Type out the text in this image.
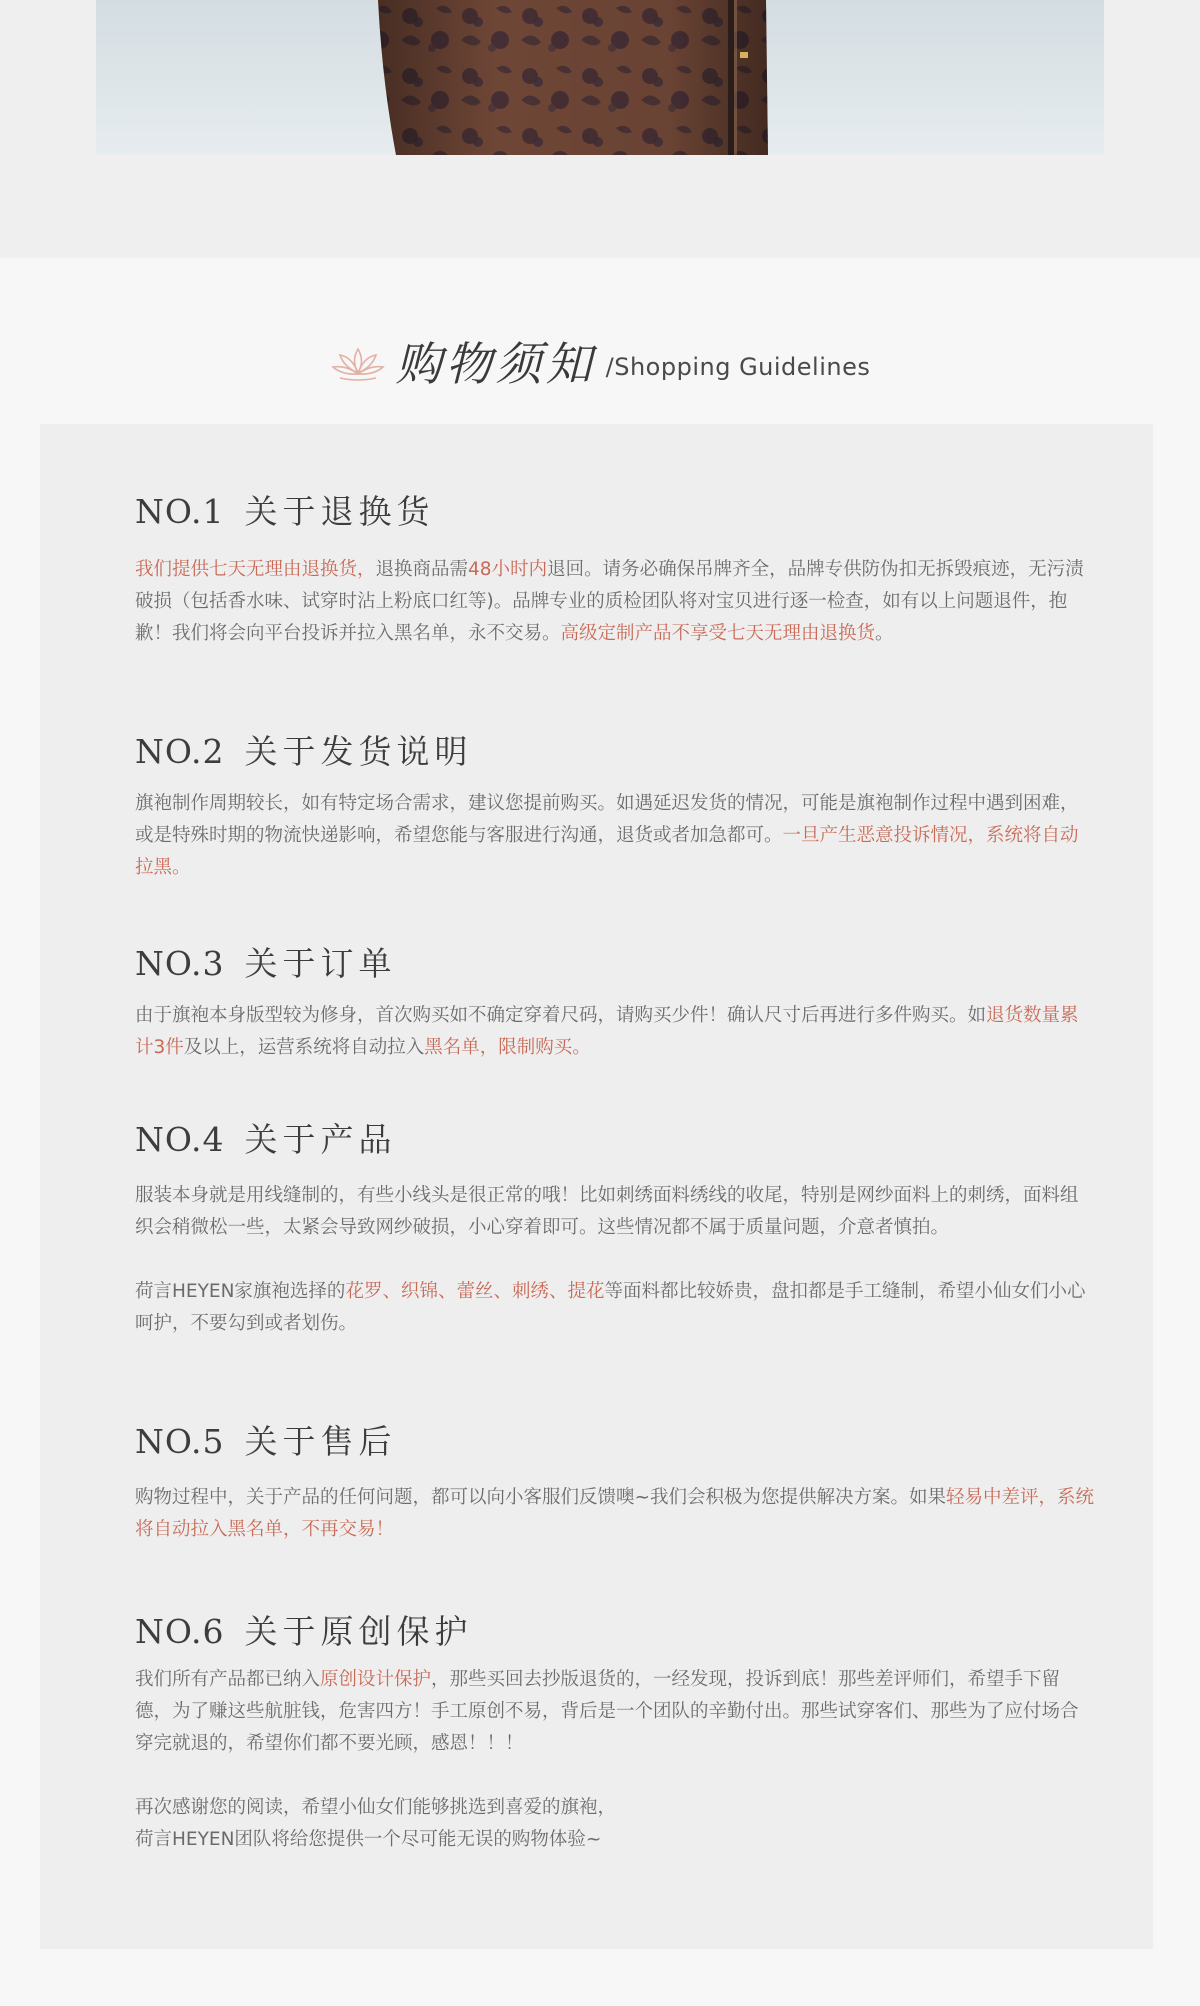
购物须知 /Shopping Guidelines
NO.1 关于退换货

我们提供七天无理由退换货，退换商品需48小时内退回。请务必确保吊牌齐全，品牌专供防伪扣无拆毁痕迹，无污渍破损（包括香水味、试穿时沾上粉底口红等)。品牌专业的质检团队将对宝贝进行逐一检查，如有以上问题退件，抱歉！我们将会向平台投诉并拉入黑名单，永不交易。高级定制产品不享受七天无理由退换货。

NO.2 关于发货说明

旗袍制作周期较长，如有特定场合需求，建议您提前购买。如遇延迟发货的情况，可能是旗袍制作过程中遇到困难，或是特殊时期的物流快递影响，希望您能与客服进行沟通，退货或者加急都可。一旦产生恶意投诉情况，系统将自动拉黑。

NO.3 关于订单

由于旗袍本身版型较为修身，首次购买如不确定穿着尺码，请购买少件！确认尺寸后再进行多件购买。如退货数量累计3件及以上，运营系统将自动拉入黑名单，限制购买。

NO.4 关于产品

服装本身就是用线缝制的，有些小线头是很正常的哦！比如刺绣面料绣线的收尾，特别是网纱面料上的刺绣，面料组织会稍微松一些，太紧会导致网纱破损，小心穿着即可。这些情况都不属于质量问题，介意者慎拍。

荷言HEYEN家旗袍选择的花罗、织锦、蕾丝、刺绣、提花等面料都比较娇贵，盘扣都是手工缝制，希望小仙女们小心呵护，不要勾到或者划伤。

NO.5 关于售后

购物过程中，关于产品的任何问题，都可以向小客服们反馈噢~我们会积极为您提供解决方案。如果轻易中差评，系统将自动拉入黑名单，不再交易！

NO.6 关于原创保护

我们所有产品都已纳入原创设计保护，那些买回去抄版退货的，一经发现，投诉到底！那些差评师们，希望手下留德，为了赚这些航脏钱，危害四方！手工原创不易，背后是一个团队的辛勤付出。那些试穿客们、那些为了应付场合穿完就退的，希望你们都不要光顾，感恩！！！

再次感谢您的阅读，希望小仙女们能够挑选到喜爱的旗袍，
荷言HEYEN团队将给您提供一个尽可能无误的购物体验~
